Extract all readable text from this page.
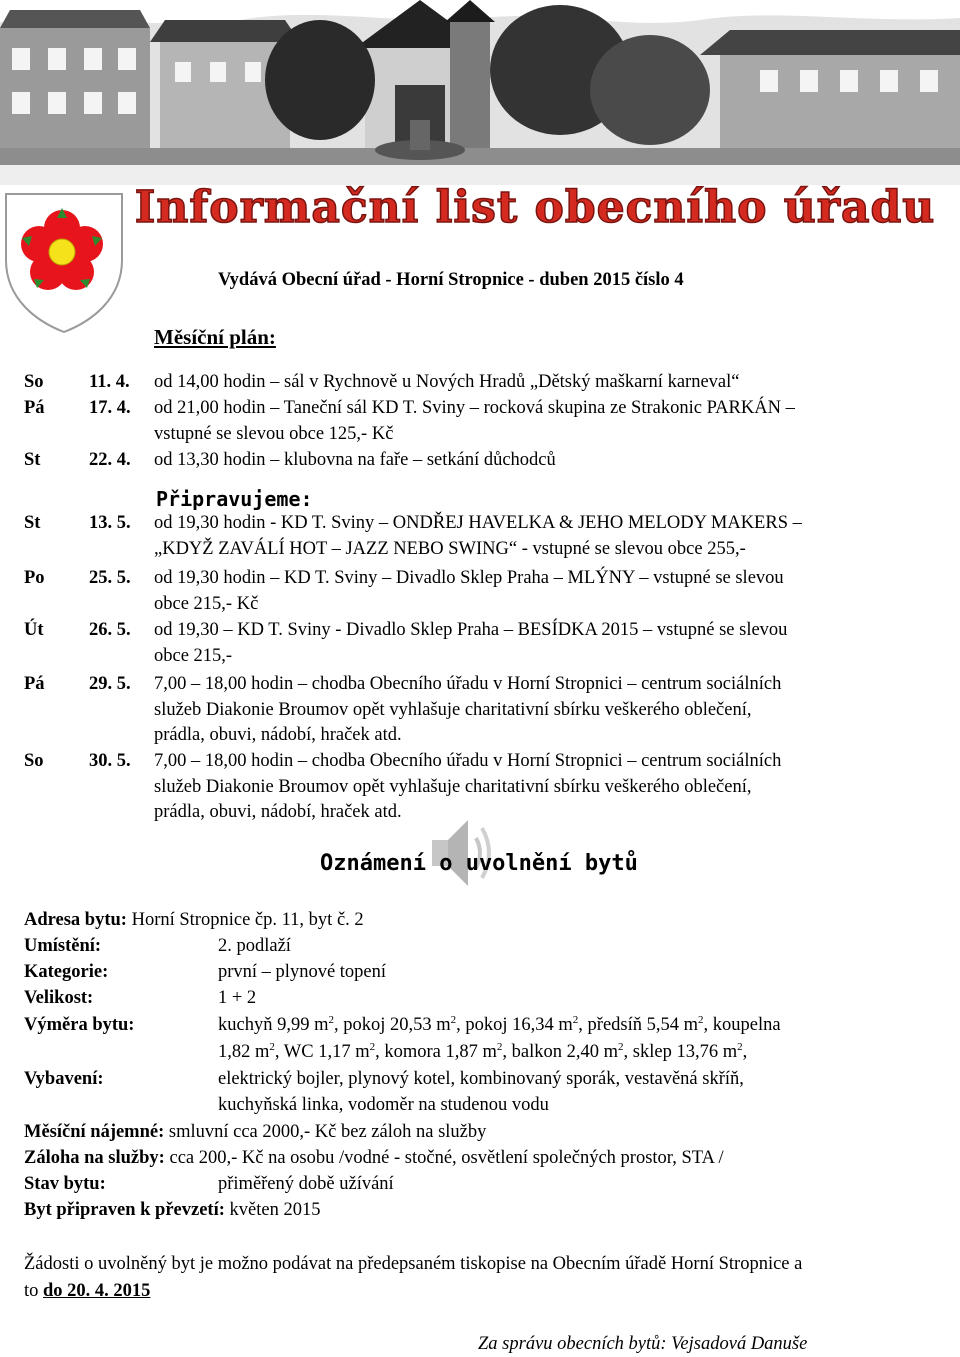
Informační list obecního úřadu
Vydává Obecní úřad - Horní Stropnice - duben 2015 číslo 4
Měsíční plán:
So	11. 4.	od 14,00 hodin – sál v Rychnově u Nových Hradů „Dětský maškarní karneval“
Pá	17. 4.	od 21,00 hodin – Taneční sál KD T. Sviny – rocková skupina ze Strakonic PARKÁN –
vstupné se slevou obce 125,- Kč
St	22. 4.	od 13,30 hodin – klubovna na faře – setkání důchodců
St	13. 5.	od 19,30 hodin - KD T. Sviny – ONDŘEJ HAVELKA & JEHO MELODY MAKERS –
„KDYŽ ZAVÁLÍ HOT – JAZZ NEBO SWING“ - vstupné se slevou obce 255,-
Po	25. 5.	od 19,30 hodin – KD T. Sviny – Divadlo Sklep Praha – MLÝNY – vstupné se slevou
obce 215,- Kč
Út	26. 5.	od 19,30 – KD T. Sviny - Divadlo Sklep Praha – BESÍDKA 2015 – vstupné se slevou
obce 215,-
Pá	29. 5.	7,00 – 18,00 hodin – chodba Obecního úřadu v Horní Stropnici – centrum sociálních
služeb Diakonie Broumov opět vyhlašuje charitativní sbírku veškerého oblečení,
prádla, obuvi, nádobí, hraček atd.
So	30. 5.	7,00 – 18,00 hodin – chodba Obecního úřadu v Horní Stropnici – centrum sociálních
služeb Diakonie Broumov opět vyhlašuje charitativní sbírku veškerého oblečení,
prádla, obuvi, nádobí, hraček atd.
Připravujeme:
Oznámení o uvolnění bytů
Adresa bytu: Horní Stropnice čp. 11, byt č. 2
Umístění:	2. podlaží
Kategorie:	první – plynové topení
Velikost:	1 + 2
Výměra bytu:	kuchyň 9,99 $m^2$, pokoj 20,53 $m^2$, pokoj 16,34 $m^2$, předsíň 5,54 $m^2$, koupelna
1,82 $m^2$, WC 1,17 $m^2$, komora 1,87 $m^2$, balkon 2,40 $m^2$, sklep 13,76 $m^2$,
Vybavení:	elektrický bojler, plynový kotel, kombinovaný sporák, vestavěná skříň,
kuchyňská linka, vodoměr na studenou vodu
Měsíční nájemné: smluvní cca 2000,- Kč bez záloh na služby
Záloha na služby: cca 200,- Kč na osobu /vodné - stočné, osvětlení společných prostor, STA /
Stav bytu:	přiměřený době užívání
Byt připraven k převzetí: květen 2015
Žádosti o uvolněný byt je možno podávat na předepsaném tiskopise na Obecním úřadě Horní Stropnice a
to do 20. 4. 2015
Za správu obecních bytů: Vejsadová Danuše
